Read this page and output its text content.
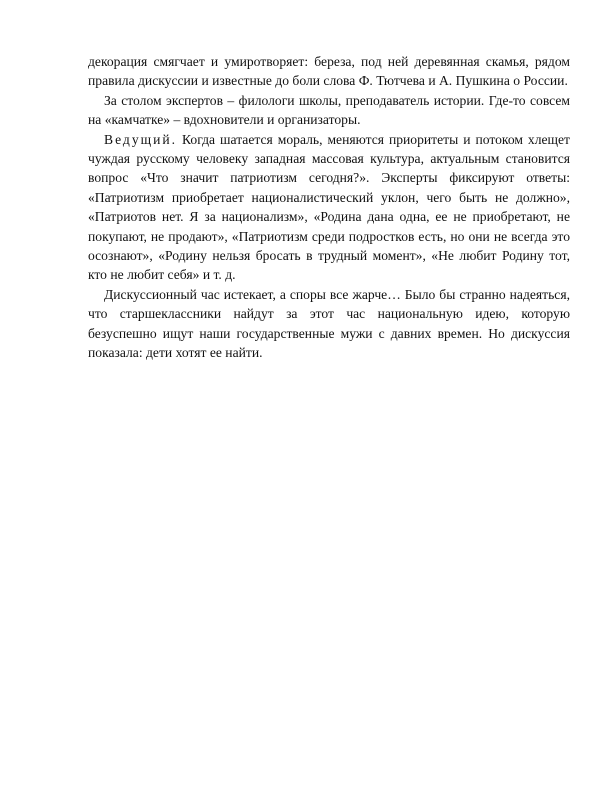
декорация смягчает и умиротворяет: береза, под ней деревянная скамья, рядом правила дискуссии и известные до боли слова Ф. Тютчева и А. Пушкина о России.

За столом экспертов – филологи школы, преподаватель истории. Где-то совсем на «камчатке» – вдохновители и организаторы.

Ведущий. Когда шатается мораль, меняются приоритеты и потоком хлещет чуждая русскому человеку западная массовая культура, актуальным становится вопрос «Что значит патриотизм сегодня?». Эксперты фиксируют ответы: «Патриотизм приобретает националистический уклон, чего быть не должно», «Патриотов нет. Я за национализм», «Родина дана одна, ее не приобретают, не покупают, не продают», «Патриотизм среди подростков есть, но они не всегда это осознают», «Родину нельзя бросать в трудный момент», «Не любит Родину тот, кто не любит себя» и т. д.

Дискуссионный час истекает, а споры все жарче… Было бы странно надеяться, что старшеклассники найдут за этот час национальную идею, которую безуспешно ищут наши государственные мужи с давних времен. Но дискуссия показала: дети хотят ее найти.
